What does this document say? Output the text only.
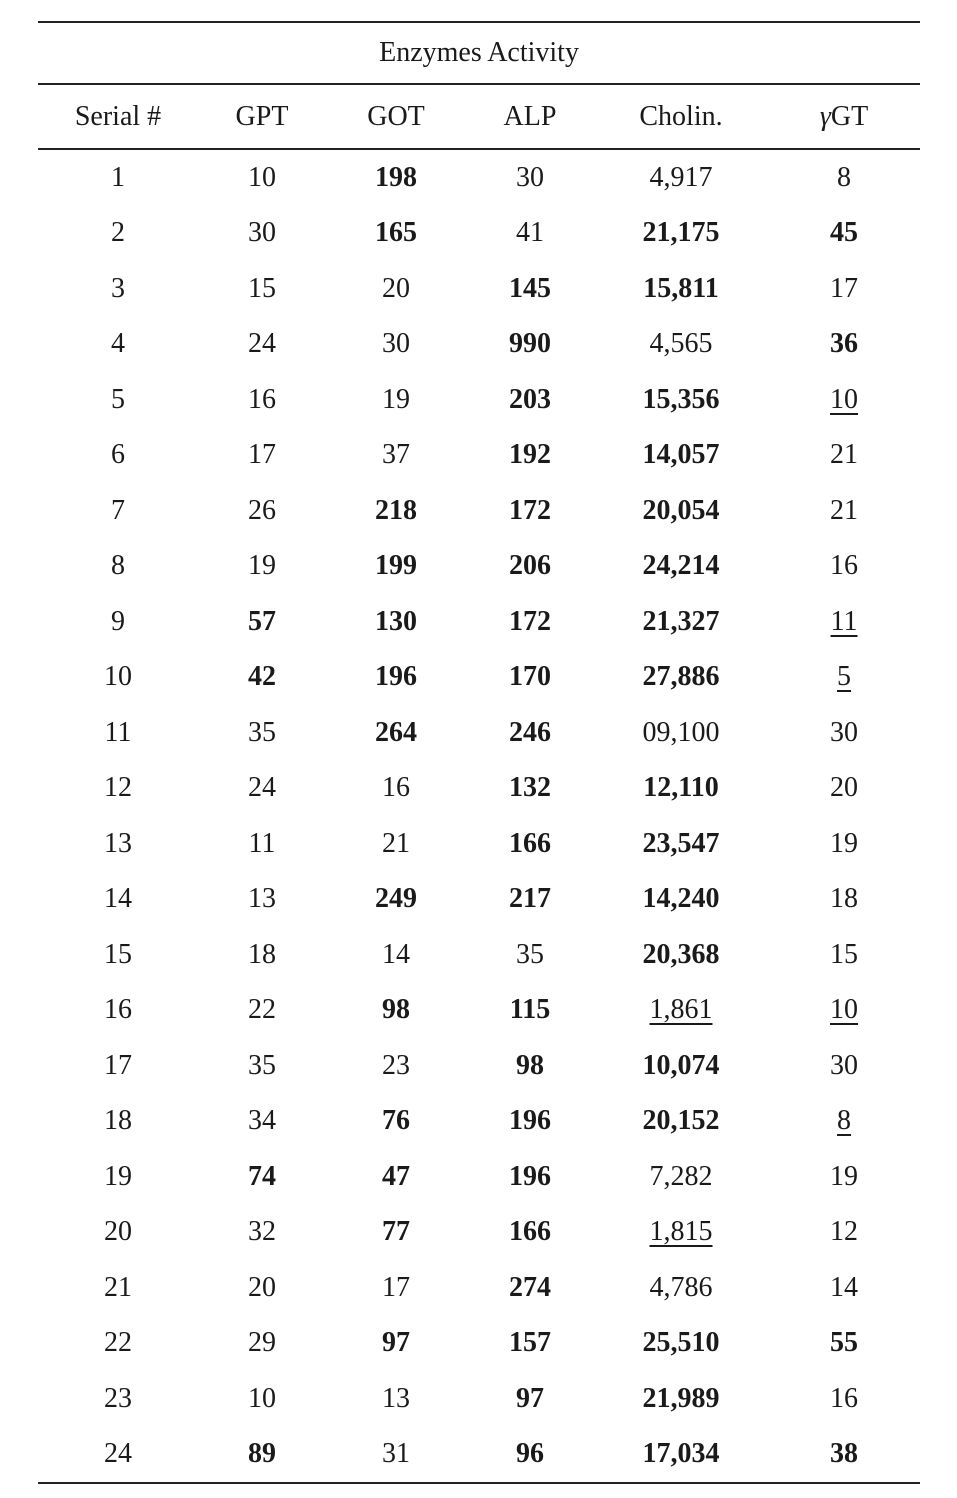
Enzymes Activity					
Serial #	GPT	GOT	ALP	Cholin.	γGT
1	10	198	30	4,917	8
2	30	165	41	21,175	45
3	15	20	145	15,811	17
4	24	30	990	4,565	36
5	16	19	203	15,356	10
6	17	37	192	14,057	21
7	26	218	172	20,054	21
8	19	199	206	24,214	16
9	57	130	172	21,327	11
10	42	196	170	27,886	5
11	35	264	246	09,100	30
12	24	16	132	12,110	20
13	11	21	166	23,547	19
14	13	249	217	14,240	18
15	18	14	35	20,368	15
16	22	98	115	1,861	10
17	35	23	98	10,074	30
18	34	76	196	20,152	8
19	74	47	196	7,282	19
20	32	77	166	1,815	12
21	20	17	274	4,786	14
22	29	97	157	25,510	55
23	10	13	97	21,989	16
24	89	31	96	17,034	38
